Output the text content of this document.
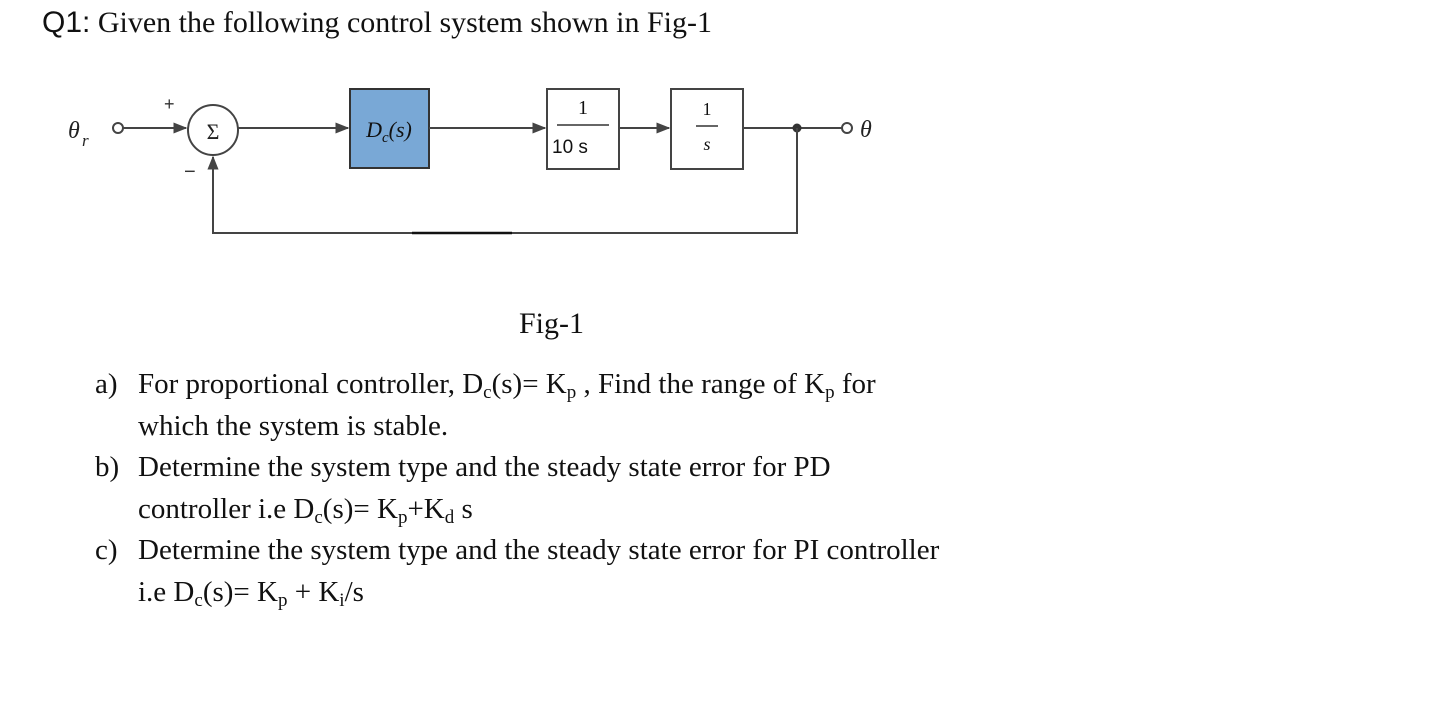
Q1: Given the following control system shown in Fig-1
θ r
+
−
Σ	$D_c(s)$
1
10 s
1
s
θ
Fig-1
a) For proportional controller, $D_c(s)= K_p$ , Find the range of $K_p$ for
which the system is stable.
b) Determine the system type and the steady state error for PD
controller i.e $D_c(s)= K_p+K_d$ s
c) Determine the system type and the steady state error for PI controller
i.e $D_c(s)= K_p + K_i/s$
